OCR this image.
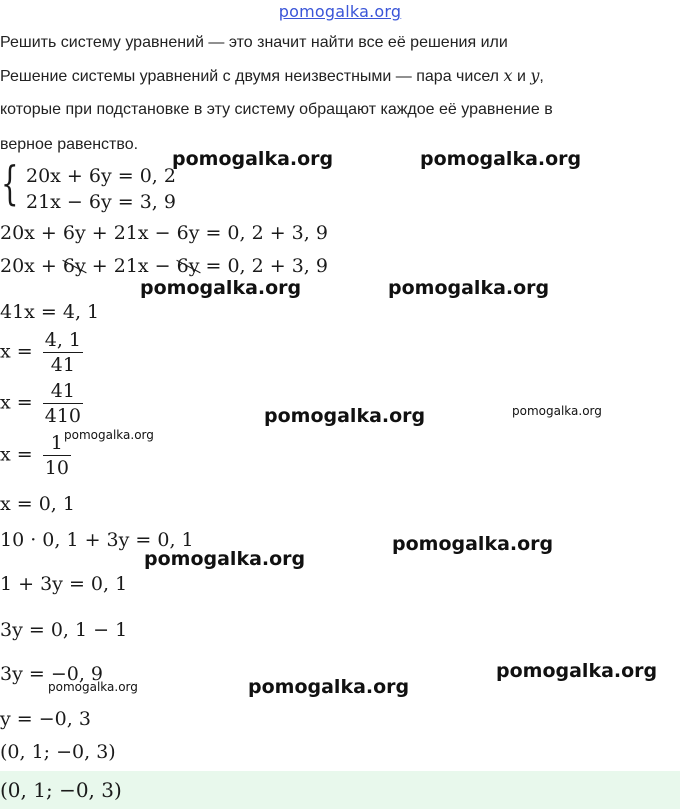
pomogalka.org
Решить систему уравнений — это значит найти все её решения или
Решение системы уравнений с двумя неизвестными — пара чисел x и y,
которые при подстановке в эту систему обращают каждое её уравнение в
верное равенство.
{ 20x + 6y = 0, 2
21x − 6y = 3, 9
20x + 6y + 21x − 6y = 0, 2 + 3, 9
20x + 6y + 21x − 6y = 0, 2 + 3, 9
41x = 4, 1
$x = \frac{4, 1}{41}$
$x = \frac{41}{410}$
$x = \frac{1}{10}$
x = 0, 1
10 · 0, 1 + 3y = 0, 1
1 + 3y = 0, 1
3y = 0, 1 − 1
3y = −0, 9
y = −0, 3
(0, 1; −0, 3)
(0, 1; −0, 3)
pomogalka.org	pomogalka.org
pomogalka.org	pomogalka.org
pomogalka.org	pomogalka.org
pomogalka.org
pomogalka.org
pomogalka.org
pomogalka.org
pomogalka.org
pomogalka.org
